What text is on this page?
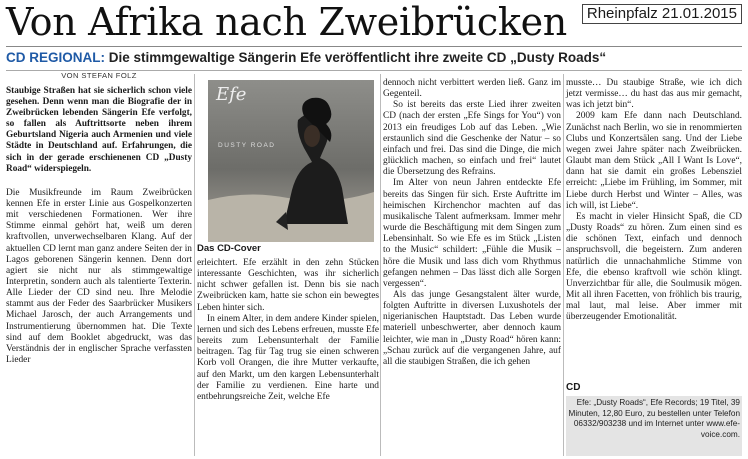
Von Afrika nach Zweibrücken	Rheinpfalz 21.01.2015
CD REGIONAL: Die stimmgewaltige Sängerin Efe veröffentlicht ihre zweite CD „Dusty Roads“
VON STEFAN FOLZ

Staubige Straßen hat sie sicherlich schon viele gesehen. Denn wenn man die Biografie der in Zweibrücken lebenden Sängerin Efe verfolgt, so fallen als Auftrittsorte neben ihrem Geburtsland Nigeria auch Armenien und viele Städte in Deutschland auf. Erfahrungen, die sich in der gerade erschienenen CD „Dusty Road“ widerspiegeln.

Die Musikfreunde im Raum Zweibrücken kennen Efe in erster Linie aus Gospelkonzerten mit verschiedenen Formationen. Wer ihre Stimme einmal gehört hat, weiß um deren kraftvollen, unverwechselbaren Klang. Auf der aktuellen CD lernt man ganz andere Seiten der in Lagos geborenen Sängerin kennen. Denn dort agiert sie nicht nur als stimmgewaltige Interpretin, sondern auch als talentierte Texterin. Alle Lieder der CD sind neu. Ihre Melodie stammt aus der Feder des Saarbrücker Musikers Michael Jarosch, der auch Arrangements und Instrumentierung übernommen hat. Die Texte sind auf dem Booklet abgedruckt, was das Verständnis der in englischer Sprache verfassten Lieder

Efe
DUSTY ROAD
Das CD-Cover

erleichtert. Efe erzählt in den zehn Stücken interessante Geschichten, was ihr sicherlich nicht schwer gefallen ist. Denn bis sie nach Zweibrücken kam, hatte sie schon ein bewegtes Leben hinter sich.

In einem Alter, in dem andere Kinder spielen, lernen und sich des Lebens erfreuen, musste Efe bereits zum Lebensunterhalt der Familie beitragen. Tag für Tag trug sie einen schweren Korb voll Orangen, die ihre Mutter verkaufte, auf den Markt, um den kargen Lebensunterhalt der Familie zu verdienen. Eine harte und entbehrungsreiche Zeit, welche Efe

dennoch nicht verbittert werden ließ. Ganz im Gegenteil.

So ist bereits das erste Lied ihrer zweiten CD (nach der ersten „Efe Sings for You“) von 2013 ein freudiges Lob auf das Leben. „Wie erstaunlich sind die Geschenke der Natur – so einfach und frei. Das sind die Dinge, die mich glücklich machen, so einfach und frei“ lautet die Übersetzung des Refrains.

Im Alter von neun Jahren entdeckte Efe bereits das Singen für sich. Erste Auftritte im heimischen Kirchenchor machten auf das musikalische Talent aufmerksam. Immer mehr wurde die Beschäftigung mit dem Singen zum Lebensinhalt. So wie Efe es im Stück „Listen to the Music“ schildert: „Fühle die Musik – höre die Musik und lass dich vom Rhythmus gefangen nehmen – Das lässt dich alle Sorgen vergessen“.

Als das junge Gesangstalent älter wurde, folgten Auftritte in diversen Luxushotels der nigerianischen Hauptstadt. Das Leben wurde materiell unbeschwerter, aber dennoch kaum leichter, wie man in „Dusty Road“ hören kann: „Schau zurück auf die vergangenen Jahre, auf all die staubigen Straßen, die ich gehen

musste… Du staubige Straße, wie ich dich jetzt vermisse… du hast das aus mir gemacht, was ich jetzt bin“.

2009 kam Efe dann nach Deutschland. Zunächst nach Berlin, wo sie in renommierten Clubs und Konzertsälen sang. Und der Liebe wegen zwei Jahre später nach Zweibrücken. Glaubt man dem Stück „All I Want Is Love“, dann hat sie damit ein großes Lebensziel erreicht: „Liebe im Frühling, im Sommer, mit Liebe durch Herbst und Winter – Alles, was ich will, ist Liebe“.

Es macht in vieler Hinsicht Spaß, die CD „Dusty Roads“ zu hören. Zum einen sind es die schönen Text, einfach und dennoch anspruchsvoll, die begeistern. Zum anderen natürlich die unnachahmliche Stimme von Efe, die ebenso kraftvoll wie schön klingt. Unverzichtbar für alle, die Soulmusik mögen. Mit all ihren Facetten, von fröhlich bis traurig, mal laut, mal leise. Aber immer mit überzeugender Emotionalität.

CD
Efe: „Dusty Roads“, Efe Records; 19 Titel, 39 Minuten, 12,80 Euro, zu bestellen unter Telefon 06332/903238 und im Internet unter www.efe-voice.com.
